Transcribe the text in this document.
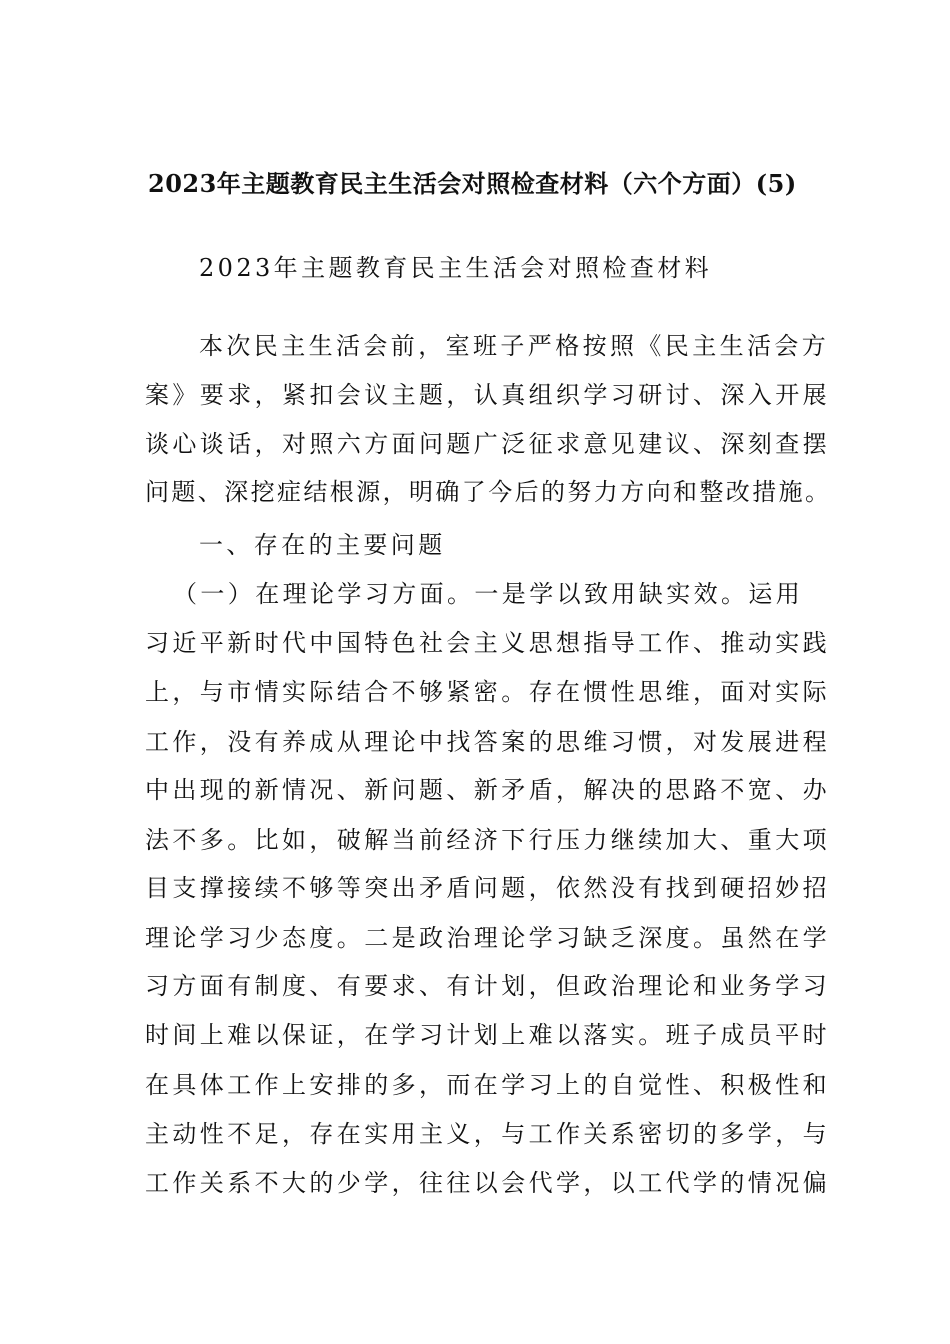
2023年主题教育民主生活会对照检查材料（六个方面）(5)
2023年主题教育民主生活会对照检查材料
本次民主生活会前，室班子严格按照《民主生活会方
案》要求，紧扣会议主题，认真组织学习研讨、深入开展
谈心谈话，对照六方面问题广泛征求意见建议、深刻查摆
问题、深挖症结根源，明确了今后的努力方向和整改措施。
一、存在的主要问题
（一）在理论学习方面。一是学以致用缺实效。运用
习近平新时代中国特色社会主义思想指导工作、推动实践
上，与市情实际结合不够紧密。存在惯性思维，面对实际
工作，没有养成从理论中找答案的思维习惯，对发展进程
中出现的新情况、新问题、新矛盾，解决的思路不宽、办
法不多。比如，破解当前经济下行压力继续加大、重大项
目支撑接续不够等突出矛盾问题，依然没有找到硬招妙招
理论学习少态度。二是政治理论学习缺乏深度。虽然在学
习方面有制度、有要求、有计划，但政治理论和业务学习
时间上难以保证，在学习计划上难以落实。班子成员平时
在具体工作上安排的多，而在学习上的自觉性、积极性和
主动性不足，存在实用主义，与工作关系密切的多学，与
工作关系不大的少学，往往以会代学，以工代学的情况偏
